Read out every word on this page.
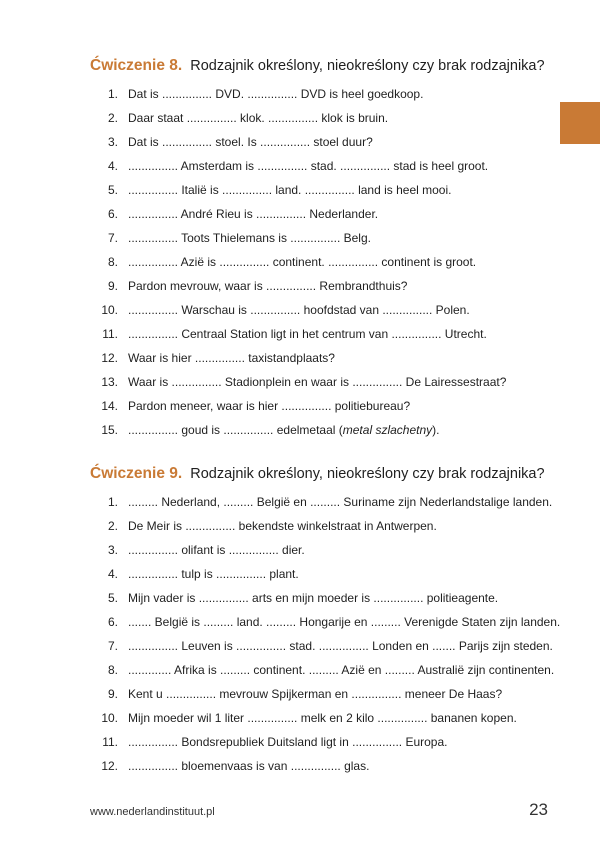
Ćwiczenie 8. Rodzajnik określony, nieokreślony czy brak rodzajnika?
1. Dat is ............... DVD. ............... DVD is heel goedkoop.
2. Daar staat ............... klok. ............... klok is bruin.
3. Dat is ............... stoel. Is ............... stoel duur?
4. ............... Amsterdam is ............... stad. ............... stad is heel groot.
5. ............... Italië is ............... land. ............... land is heel mooi.
6. ............... André Rieu is ............... Nederlander.
7. ............... Toots Thielemans is ............... Belg.
8. ............... Azië is ............... continent. ............... continent is groot.
9. Pardon mevrouw, waar is ............... Rembrandthuis?
10. ............... Warschau is ............... hoofdstad van ............... Polen.
11. ............... Centraal Station ligt in het centrum van ............... Utrecht.
12. Waar is hier ............... taxistandplaats?
13. Waar is ............... Stadionplein en waar is ............... De Lairessestraat?
14. Pardon meneer, waar is hier ............... politiebureau?
15. ............... goud is ............... edelmetaal (metal szlachetny).
Ćwiczenie 9. Rodzajnik określony, nieokreślony czy brak rodzajnika?
1. ......... Nederland, ......... België en ......... Suriname zijn Nederlandstalige landen.
2. De Meir is ............... bekendste winkelstraat in Antwerpen.
3. ............... olifant is ............... dier.
4. ............... tulp is ............... plant.
5. Mijn vader is ............... arts en mijn moeder is ............... politieagente.
6. ....... België is ......... land. ......... Hongarije en ......... Verenigde Staten zijn landen.
7. ............... Leuven is ............... stad. ............... Londen en ....... Parijs zijn steden.
8. ............. Afrika is ......... continent. ......... Azië en ......... Australië zijn continenten.
9. Kent u ............... mevrouw Spijkerman en ............... meneer De Haas?
10. Mijn moeder wil 1 liter ............... melk en 2 kilo ............... bananen kopen.
11. ............... Bondsrepubliek Duitsland ligt in ............... Europa.
12. ............... bloemenvaas is van ............... glas.
www.nederlandinstituut.pl	23
